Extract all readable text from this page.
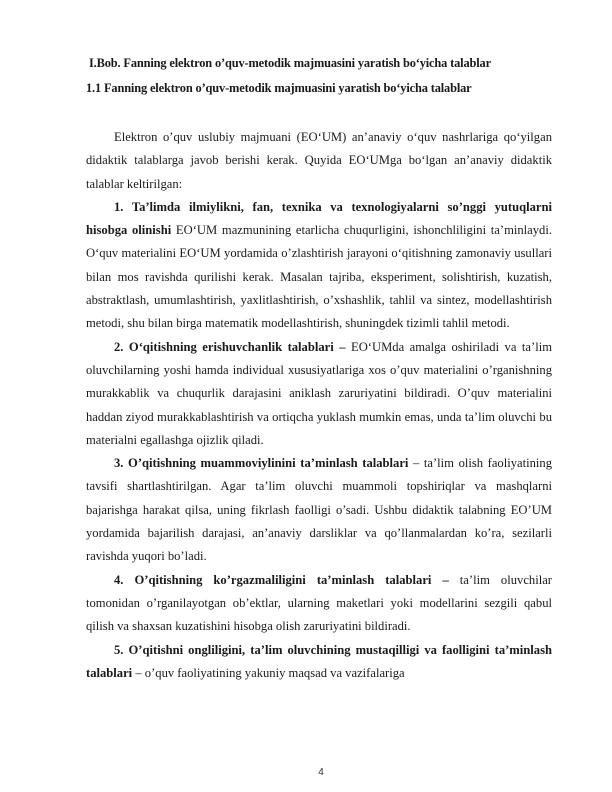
I.Bob. Fanning elektron o’quv-metodik majmuasini yaratish bo‘yicha talablar
1.1 Fanning elektron o’quv-metodik majmuasini yaratish bo‘yicha talablar

Elektron o’quv uslubiy majmuani (EO‘UM) an’anaviy o‘quv nashrlariga qo‘yilgan didaktik talablarga javob berishi kerak. Quyida EO‘UMga bo‘lgan an’anaviy didaktik talablar keltirilgan:

1. Ta’limda ilmiylikni, fan, texnika va texnologiyalarni so’nggi yutuqlarni hisobga olinishi EO‘UM mazmunining etarlicha chuqurligini, ishonchliligini ta’minlaydi. O‘quv materialini EO‘UM yordamida o’zlashtirish jarayoni o‘qitishning zamonaviy usullari bilan mos ravishda qurilishi kerak. Masalan tajriba, eksperiment, solishtirish, kuzatish, abstraktlash, umumlashtirish, yaxlitlashtirish, o’xshashlik, tahlil va sintez, modellashtirish metodi, shu bilan birga matematik modellashtirish, shuningdek tizimli tahlil metodi.

2. O‘qitishning erishuvchanlik talablari – EO‘UMda amalga oshiriladi va ta’lim oluvchilarning yoshi hamda individual xususiyatlariga xos o’quv materialini o’rganishning murakkablik va chuqurlik darajasini aniklash zaruriyatini bildiradi. O’quv materialini haddan ziyod murakkablashtirish va ortiqcha yuklash mumkin emas, unda ta’lim oluvchi bu materialni egallashga ojizlik qiladi.

3. O’qitishning muammoviylinini ta’minlash talablari – ta’lim olish faoliyatining tavsifi shartlashtirilgan. Agar ta’lim oluvchi muammoli topshiriqlar va mashqlarni bajarishga harakat qilsa, uning fikrlash faolligi o’sadi. Ushbu didaktik talabning EO’UM yordamida bajarilish darajasi, an’anaviy darsliklar va qo’llanmalardan ko’ra, sezilarli ravishda yuqori bo’ladi.

4. O’qitishning ko’rgazmaliligini ta’minlash talablari – ta’lim oluvchilar tomonidan o’rganilayotgan ob’ektlar, ularning maketlari yoki modellarini sezgili qabul qilish va shaxsan kuzatishini hisobga olish zaruriyatini bildiradi.

5. O’qitishni ongliligini, ta’lim oluvchining mustaqilligi va faolligini ta’minlash talablari – o’quv faoliyatining yakuniy maqsad va vazifalariga

4
